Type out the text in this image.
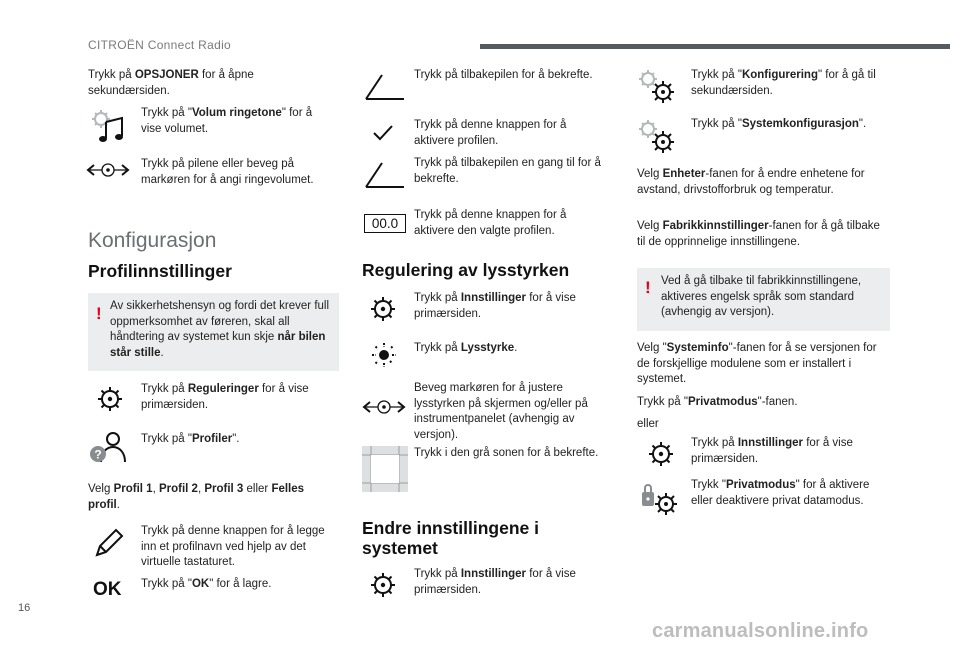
CITROËN Connect Radio
16
Trykk på OPSJONER for å åpne sekundærsiden.
Trykk på "Volum ringetone" for å vise volumet.
Trykk på pilene eller beveg på markøren for å angi ringevolumet.
Konfigurasjon
Profilinnstillinger
! Av sikkerhetshensyn og fordi det krever full oppmerksomhet av føreren, skal all håndtering av systemet kun skje når bilen står stille.
Trykk på Reguleringer for å vise primærsiden.
?
Trykk på "Profiler".
Velg Profil 1, Profil 2, Profil 3 eller Felles profil.
Trykk på denne knappen for å legge inn et profilnavn ved hjelp av det virtuelle tastaturet.
OK Trykk på "OK" for å lagre.
Trykk på tilbakepilen for å bekrefte.
Trykk på denne knappen for å aktivere profilen.
Trykk på tilbakepilen en gang til for å bekrefte.
00.0
Trykk på denne knappen for å aktivere den valgte profilen.
Regulering av lysstyrken
Trykk på Innstillinger for å vise primærsiden.
Trykk på Lysstyrke.
Beveg markøren for å justere lysstyrken på skjermen og/eller på instrumentpanelet (avhengig av versjon).
Trykk i den grå sonen for å bekrefte.
Endre innstillingene i systemet
Trykk på Innstillinger for å vise primærsiden.
Trykk på "Konfigurering" for å gå til sekundærsiden.
Trykk på "Systemkonfigurasjon".
Velg Enheter-fanen for å endre enhetene for avstand, drivstofforbruk og temperatur.
Velg Fabrikkinnstillinger-fanen for å gå tilbake til de opprinnelige innstillingene.
! Ved å gå tilbake til fabrikkinnstillingene, aktiveres engelsk språk som standard (avhengig av versjon).
Velg "Systeminfo"-fanen for å se versjonen for de forskjellige modulene som er installert i systemet.
Trykk på "Privatmodus"-fanen.
eller
Trykk på Innstillinger for å vise primærsiden.
Trykk "Privatmodus" for å aktivere eller deaktivere privat datamodus.
carmanualsonline.info
